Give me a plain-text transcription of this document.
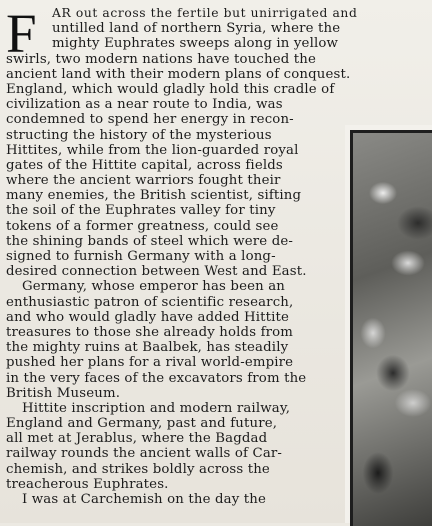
F	AR out across the fertile but unirrigated and
untilled land of northern Syria, where the
mighty Euphrates sweeps along in yellow
swirls, two modern nations have touched the
ancient land with their modern plans of conquest.
England, which would gladly hold this cradle of
civilization as a near route to India, was
condemned to spend her energy in recon-
structing the history of the mysterious
Hittites, while from the lion-guarded royal
gates of the Hittite capital, across fields
where the ancient warriors fought their
many enemies, the British scientist, sifting
the soil of the Euphrates valley for tiny
tokens of a former greatness, could see
the shining bands of steel which were de-
signed to furnish Germany with a long-
desired connection between West and East.
Germany, whose emperor has been an
enthusiastic patron of scientific research,
and who would gladly have added Hittite
treasures to those she already holds from
the mighty ruins at Baalbek, has steadily
pushed her plans for a rival world-empire
in the very faces of the excavators from the
British Museum.
Hittite inscription and modern railway,
England and Germany, past and future,
all met at Jerablus, where the Bagdad
railway rounds the ancient walls of Car-
chemish, and strikes boldly across the
treacherous Euphrates.
I was at Carchemish on the day the
